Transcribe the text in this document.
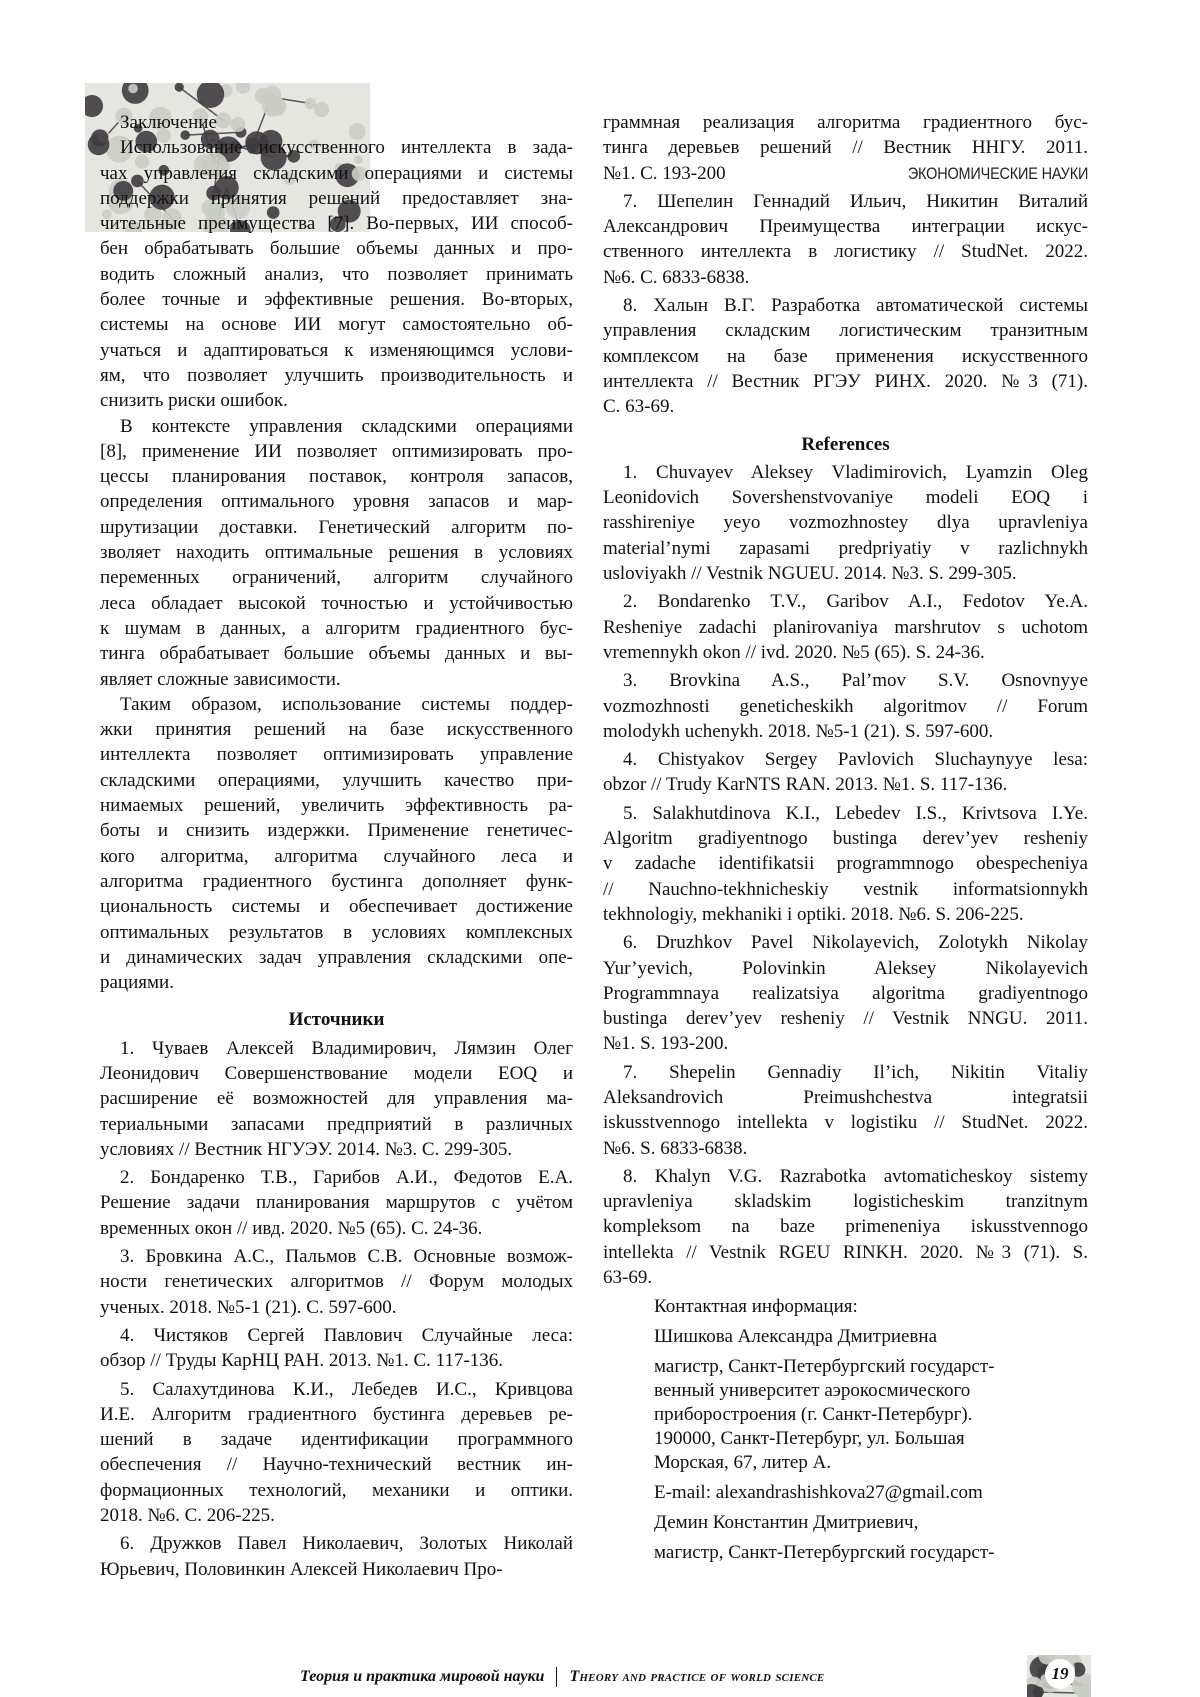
ЭКОНОМИЧЕСКИЕ НАУКИ
Заключение
Использование искусственного интеллекта в зада-
чах управления складскими операциями и системы
поддержки принятия решений предоставляет зна-
чительные преимущества [7]. Во-первых, ИИ способ-
бен обрабатывать большие объемы данных и про-
водить сложный анализ, что позволяет принимать
более точные и эффективные решения. Во-вторых,
системы на основе ИИ могут самостоятельно об-
учаться и адаптироваться к изменяющимся услови-
ям, что позволяет улучшить производительность и
снизить риски ошибок.
В контексте управления складскими операциями
[8], применение ИИ позволяет оптимизировать про-
цессы планирования поставок, контроля запасов,
определения оптимального уровня запасов и мар-
шрутизации доставки. Генетический алгоритм по-
зволяет находить оптимальные решения в условиях
переменных ограничений, алгоритм случайного
леса обладает высокой точностью и устойчивостью
к шумам в данных, а алгоритм градиентного бус-
тинга обрабатывает большие объемы данных и вы-
являет сложные зависимости.
Таким образом, использование системы поддер-
жки принятия решений на базе искусственного
интеллекта позволяет оптимизировать управление
складскими операциями, улучшить качество при-
нимаемых решений, увеличить эффективность ра-
боты и снизить издержки. Применение генетичес-
кого алгоритма, алгоритма случайного леса и
алгоритма градиентного бустинга дополняет функ-
циональность системы и обеспечивает достижение
оптимальных результатов в условиях комплексных
и динамических задач управления складскими опе-
рациями.
Источники
1. Чуваев Алексей Владимирович, Лямзин Олег
Леонидович Совершенствование модели EOQ и
расширение её возможностей для управления ма-
териальными запасами предприятий в различных
условиях // Вестник НГУЭУ. 2014. №3. С. 299-305.
2. Бондаренко Т.В., Гарибов А.И., Федотов Е.А.
Решение задачи планирования маршрутов с учётом
временных окон // ивд. 2020. №5 (65). С. 24-36.
3. Бровкина А.С., Пальмов С.В. Основные возмож-
ности генетических алгоритмов // Форум молодых
ученых. 2018. №5-1 (21). С. 597-600.
4. Чистяков Сергей Павлович Случайные леса:
обзор // Труды КарНЦ РАН. 2013. №1. С. 117-136.
5. Салахутдинова К.И., Лебедев И.С., Кривцова
И.Е. Алгоритм градиентного бустинга деревьев ре-
шений в задаче идентификации программного
обеспечения // Научно-технический вестник ин-
формационных технологий, механики и оптики.
2018. №6. С. 206-225.
6. Дружков Павел Николаевич, Золотых Николай
Юрьевич, Половинкин Алексей Николаевич Про-
граммная реализация алгоритма градиентного бус-
тинга деревьев решений // Вестник ННГУ. 2011.
№1. С. 193-200
7. Шепелин Геннадий Ильич, Никитин Виталий
Александрович Преимущества интеграции искус-
ственного интеллекта в логистику // StudNet. 2022.
№6. С. 6833-6838.
8. Халын В.Г. Разработка автоматической системы
управления складским логистическим транзитным
комплексом на базе применения искусственного
интеллекта // Вестник РГЭУ РИНХ. 2020. №3 (71).
С. 63-69.
References
1. Chuvayev Aleksey Vladimirovich, Lyamzin Oleg
Leonidovich Sovershenstvovaniye modeli EOQ i
rasshireniye yeyo vozmozhnostey dlya upravleniya
material’nymi zapasami predpriyatiy v razlichnykh
usloviyakh // Vestnik NGUEU. 2014. №3. S. 299-305.
2. Bondarenko T.V., Garibov A.I., Fedotov Ye.A.
Resheniye zadachi planirovaniya marshrutov s uchotom
vremennykh okon // ivd. 2020. №5 (65). S. 24-36.
3. Brovkina A.S., Pal’mov S.V. Osnovnyye
vozmozhnosti geneticheskikh algoritmov // Forum
molodykh uchenykh. 2018. №5-1 (21). S. 597-600.
4. Chistyakov Sergey Pavlovich Sluchaynyye lesa:
obzor // Trudy KarNTS RAN. 2013. №1. S. 117-136.
5. Salakhutdinova K.I., Lebedev I.S., Krivtsova I.Ye.
Algoritm gradiyentnogo bustinga derev’yev resheniy
v zadache identifikatsii programmnogo obespecheniya
// Nauchno-tekhnicheskiy vestnik informatsionnykh
tekhnologiy, mekhaniki i optiki. 2018. №6. S. 206-225.
6. Druzhkov Pavel Nikolayevich, Zolotykh Nikolay
Yur’yevich, Polovinkin Aleksey Nikolayevich
Programmnaya realizatsiya algoritma gradiyentnogo
bustinga derev’yev resheniy // Vestnik NNGU. 2011.
№1. S. 193-200.
7. Shepelin Gennadiy Il’ich, Nikitin Vitaliy
Aleksandrovich Preimushchestva integratsii
iskusstvennogo intellekta v logistiku // StudNet. 2022.
№6. S. 6833-6838.
8. Khalyn V.G. Razrabotka avtomaticheskoy sistemy
upravleniya skladskim logisticheskim tranzitnym
kompleksom na baze primeneniya iskusstvennogo
intellekta // Vestnik RGEU RINKH. 2020. №3 (71). S.
63-69.
Контактная информация:
Шишкова Александра Дмитриевна
магистр, Санкт-Петербургский государст-
венный университет аэрокосмического
приборостроения (г. Санкт-Петербург).
190000, Санкт-Петербург, ул. Большая
Морская, 67, литер А.
E-mail: alexandrashishkova27@gmail.com
Демин Константин Дмитриевич,
магистр, Санкт-Петербургский государст-
Теория и практика мировой науки Theory and practice of world science	19
